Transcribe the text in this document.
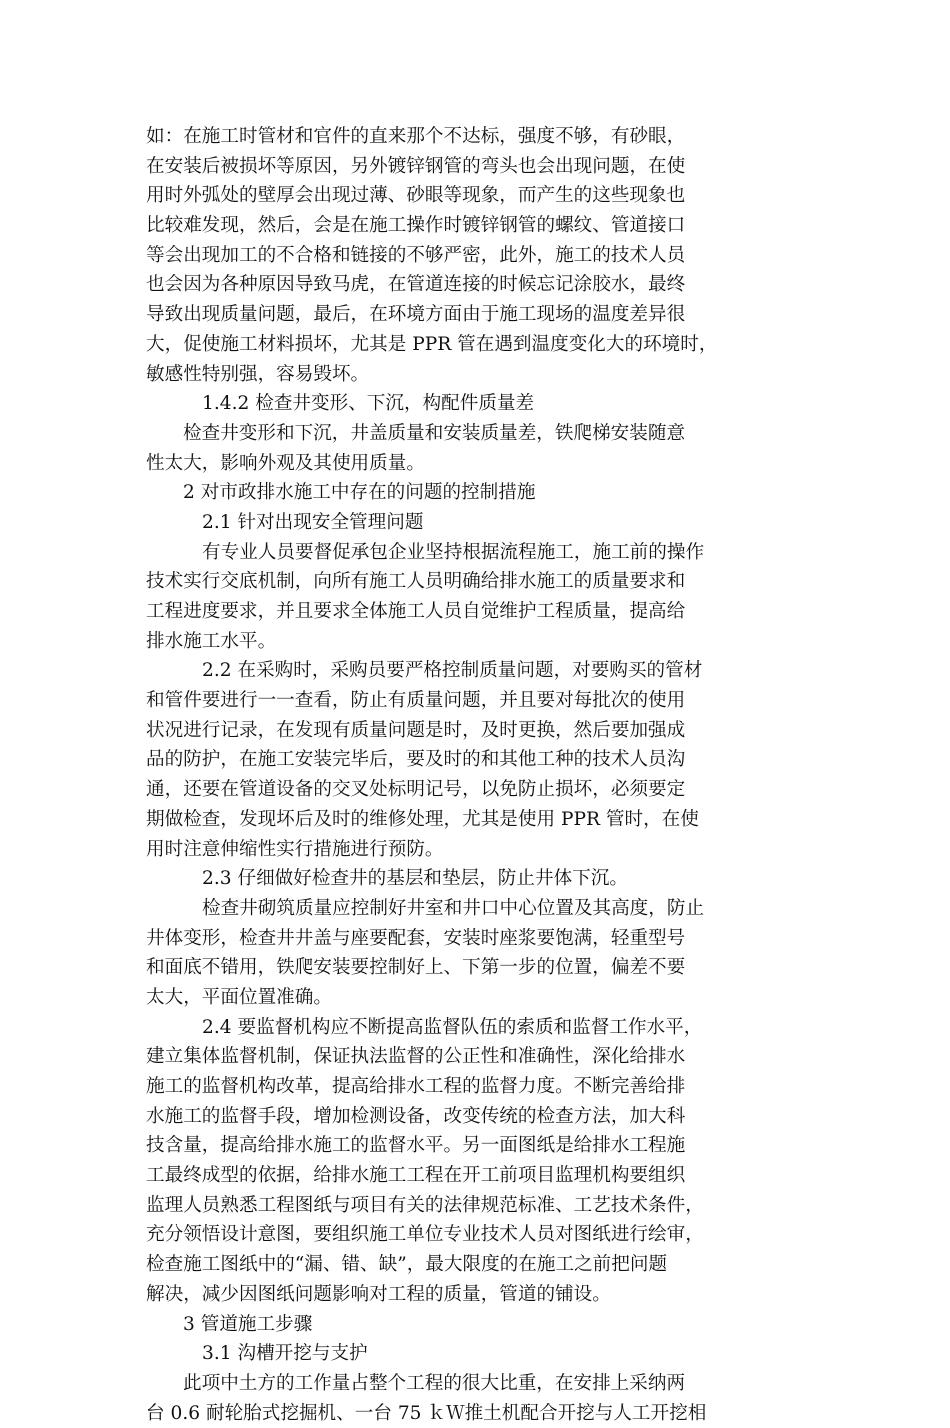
如：在施工时管材和官件的直来那个不达标，强度不够，有砂眼，
在安装后被损坏等原因，另外镀锌钢管的弯头也会出现问题，在使
用时外弧处的壁厚会出现过薄、砂眼等现象，而产生的这些现象也
比较难发现，然后，会是在施工操作时镀锌钢管的螺纹、管道接口
等会出现加工的不合格和链接的不够严密，此外，施工的技术人员
也会因为各种原因导致马虎，在管道连接的时候忘记涂胶水，最终
导致出现质量问题，最后，在环境方面由于施工现场的温度差异很
大，促使施工材料损坏，尤其是 PPR 管在遇到温度变化大的环境时，
敏感性特别强，容易毁坏。
1.4.2 检查井变形、下沉，构配件质量差
检查井变形和下沉，井盖质量和安装质量差，铁爬梯安装随意
性太大，影响外观及其使用质量。
2 对市政排水施工中存在的问题的控制措施
2.1 针对出现安全管理问题
有专业人员要督促承包企业坚持根据流程施工，施工前的操作
技术实行交底机制，向所有施工人员明确给排水施工的质量要求和
工程进度要求，并且要求全体施工人员自觉维护工程质量，提高给
排水施工水平。
2.2 在采购时，采购员要严格控制质量问题，对要购买的管材
和管件要进行一一查看，防止有质量问题，并且要对每批次的使用
状况进行记录，在发现有质量问题是时，及时更换，然后要加强成
品的防护，在施工安装完毕后，要及时的和其他工种的技术人员沟
通，还要在管道设备的交叉处标明记号，以免防止损坏，必须要定
期做检查，发现坏后及时的维修处理，尤其是使用 PPR 管时，在使
用时注意伸缩性实行措施进行预防。
2.3 仔细做好检查井的基层和垫层，防止井体下沉。
检查井砌筑质量应控制好井室和井口中心位置及其高度，防止
井体变形，检查井井盖与座要配套，安装时座浆要饱满，轻重型号
和面底不错用，铁爬安装要控制好上、下第一步的位置，偏差不要
太大，平面位置准确。
2.4 要监督机构应不断提高监督队伍的索质和监督工作水平，
建立集体监督机制，保证执法监督的公正性和准确性，深化给排水
施工的监督机构改革，提高给排水工程的监督力度。不断完善给排
水施工的监督手段，增加检测设备，改变传统的检查方法，加大科
技含量，提高给排水施工的监督水平。另一面图纸是给排水工程施
工最终成型的依据，给排水施工工程在开工前项目监理机构要组织
监理人员熟悉工程图纸与项目有关的法律规范标准、工艺技术条件，
充分领悟设计意图，要组织施工单位专业技术人员对图纸进行绘审，
检查施工图纸中的“漏、错、缺”，最大限度的在施工之前把问题
解决，减少因图纸问题影响对工程的质量，管道的铺设。
3 管道施工步骤
3.1 沟槽开挖与支护
此项中土方的工作量占整个工程的很大比重，在安排上采纳两
台 0.6 耐轮胎式挖掘机、一台 75 ｋＷ推土机配合开挖与人工开挖相
